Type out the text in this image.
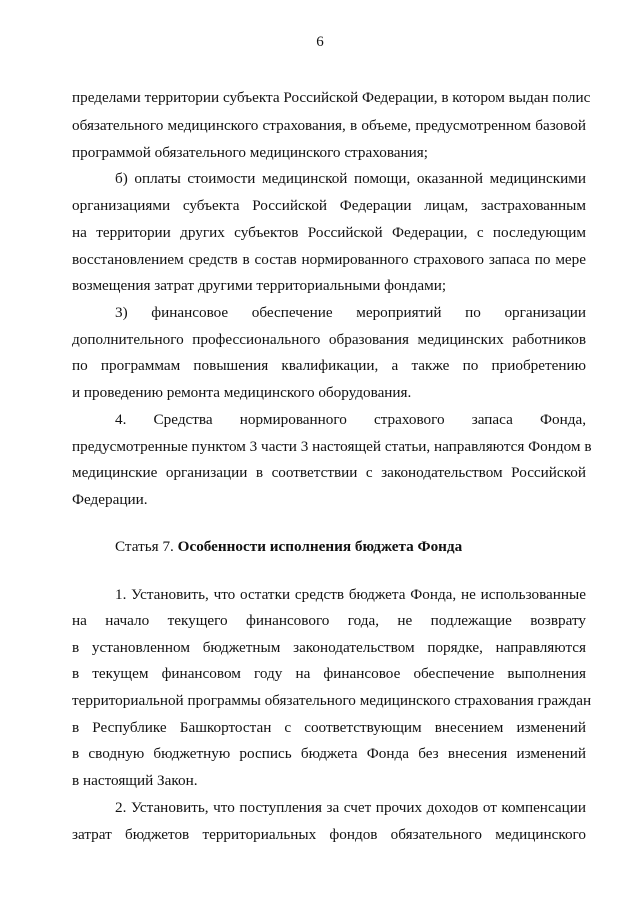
6
пределами территории субъекта Российской Федерации, в котором выдан полис
обязательного медицинского страхования, в объеме, предусмотренном базовой
программой обязательного медицинского страхования;
б) оплаты стоимости медицинской помощи, оказанной медицинскими
организациями субъекта Российской Федерации лицам, застрахованным
на территории других субъектов Российской Федерации, с последующим
восстановлением средств в состав нормированного страхового запаса по мере
возмещения затрат другими территориальными фондами;
3) финансовое обеспечение мероприятий по организации
дополнительного профессионального образования медицинских работников
по программам повышения квалификации, а также по приобретению
и проведению ремонта медицинского оборудования.
4. Средства нормированного страхового запаса Фонда,
предусмотренные пунктом 3 части 3 настоящей статьи, направляются Фондом в
медицинские организации в соответствии с законодательством Российской
Федерации.
Статья 7. Особенности исполнения бюджета Фонда
1. Установить, что остатки средств бюджета Фонда, не использованные
на начало текущего финансового года, не подлежащие возврату
в установленном бюджетным законодательством порядке, направляются
в текущем финансовом году на финансовое обеспечение выполнения
территориальной программы обязательного медицинского страхования граждан
в Республике Башкортостан с соответствующим внесением изменений
в сводную бюджетную роспись бюджета Фонда без внесения изменений
в настоящий Закон.
2. Установить, что поступления за счет прочих доходов от компенсации
затрат бюджетов территориальных фондов обязательного медицинского
